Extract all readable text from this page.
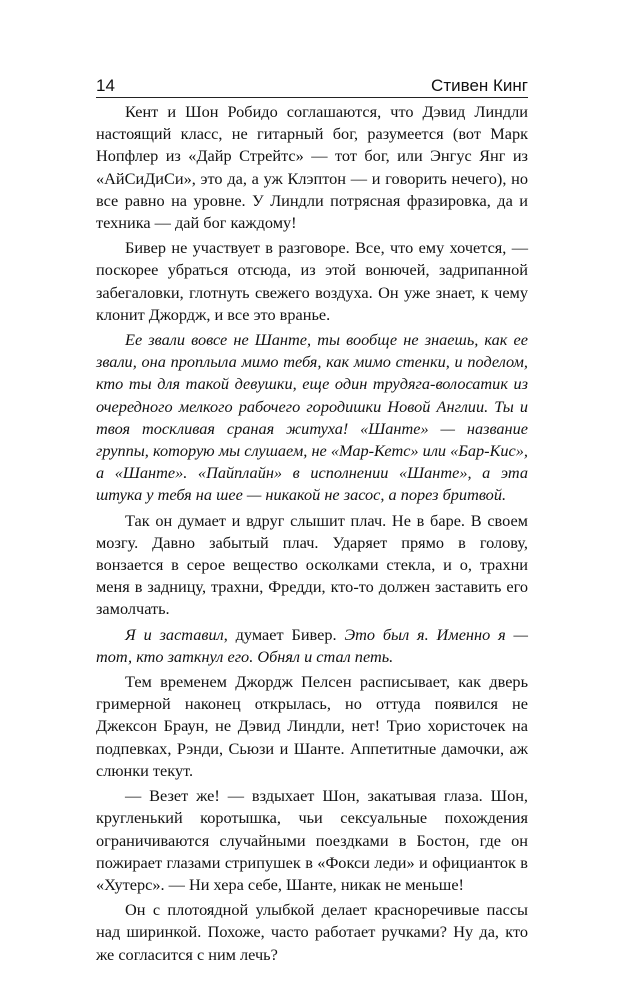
14	Стивен Кинг

Кент и Шон Робидо соглашаются, что Дэвид Линдли настоящий класс, не гитарный бог, разумеется (вот Марк Нопфлер из «Дайр Стрейтс» — тот бог, или Энгус Янг из «АйСиДиСи», это да, а уж Клэптон — и говорить нечего), но все равно на уровне. У Линдли потрясная фразировка, да и техника — дай бог каждому!

Бивер не участвует в разговоре. Все, что ему хочется, — поскорее убраться отсюда, из этой вонючей, задрипанной забегаловки, глотнуть свежего воздуха. Он уже знает, к чему клонит Джордж, и все это вранье.

Ее звали вовсе не Шанте, ты вообще не знаешь, как ее звали, она проплыла мимо тебя, как мимо стенки, и поделом, кто ты для такой девушки, еще один трудяга-волосатик из очередного мелкого рабочего городишки Новой Англии. Ты и твоя тоскливая сраная житуха! «Шанте» — название группы, которую мы слушаем, не «Мар-Кетс» или «Бар-Кис», а «Шанте». «Пайплайн» в исполнении «Шанте», а эта штука у тебя на шее — никакой не засос, а порез бритвой.

Так он думает и вдруг слышит плач. Не в баре. В своем мозгу. Давно забытый плач. Ударяет прямо в голову, вонзается в серое вещество осколками стекла, и о, трахни меня в задницу, трахни, Фредди, кто-то должен заставить его замолчать.

Я и заставил, думает Бивер. Это был я. Именно я — тот, кто заткнул его. Обнял и стал петь.

Тем временем Джордж Пелсен расписывает, как дверь гримерной наконец открылась, но оттуда появился не Джексон Браун, не Дэвид Линдли, нет! Трио хористочек на подпевках, Рэнди, Сьюзи и Шанте. Аппетитные дамочки, аж слюнки текут.

— Везет же! — вздыхает Шон, закатывая глаза. Шон, кругленький коротышка, чьи сексуальные похождения ограничиваются случайными поездками в Бостон, где он пожирает глазами стрипушек в «Фокси леди» и официанток в «Хутерс». — Ни хера себе, Шанте, никак не меньше!

Он с плотоядной улыбкой делает красноречивые пассы над ширинкой. Похоже, часто работает ручками? Ну да, кто же согласится с ним лечь?
